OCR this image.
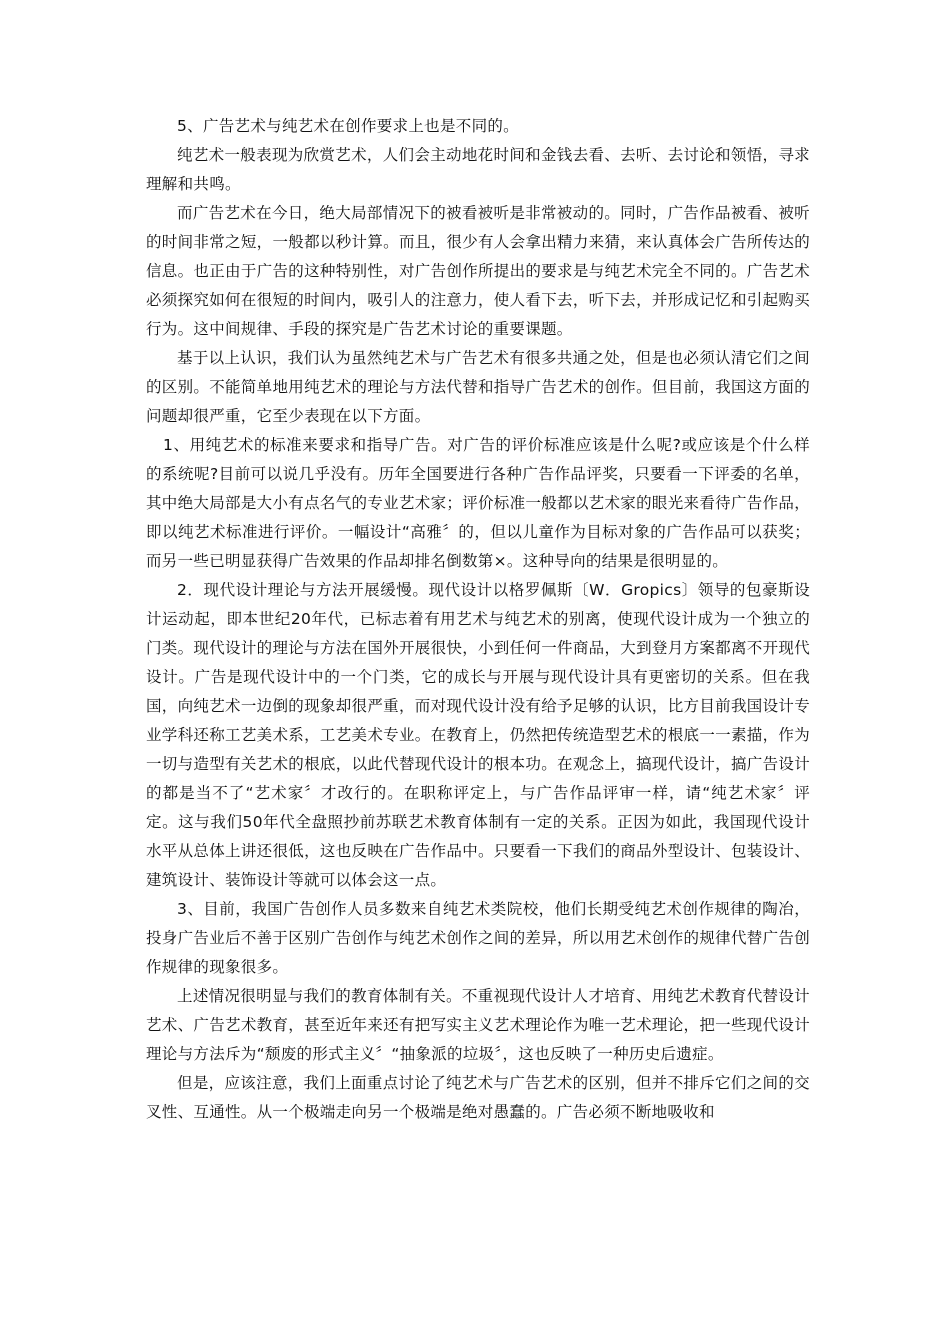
5、广告艺术与纯艺术在创作要求上也是不同的。

纯艺术一般表现为欣赏艺术，人们会主动地花时间和金钱去看、去听、去讨论和领悟，寻求理解和共鸣。

而广告艺术在今日，绝大局部情况下的被看被听是非常被动的。同时，广告作品被看、被听的时间非常之短，一般都以秒计算。而且，很少有人会拿出精力来猜，来认真体会广告所传达的信息。也正由于广告的这种特别性，对广告创作所提出的要求是与纯艺术完全不同的。广告艺术必须探究如何在很短的时间内，吸引人的注意力，使人看下去，听下去，并形成记忆和引起购买行为。这中间规律、手段的探究是广告艺术讨论的重要课题。

基于以上认识，我们认为虽然纯艺术与广告艺术有很多共通之处，但是也必须认清它们之间的区别。不能简单地用纯艺术的理论与方法代替和指导广告艺术的创作。但目前，我国这方面的问题却很严重，它至少表现在以下方面。

1、用纯艺术的标准来要求和指导广告。对广告的评价标准应该是什么呢?或应该是个什么样的系统呢?目前可以说几乎没有。历年全国要进行各种广告作品评奖，只要看一下评委的名单，其中绝大局部是大小有点名气的专业艺术家；评价标准一般都以艺术家的眼光来看待广告作品，即以纯艺术标准进行评价。一幅设计“高雅〞的，但以儿童作为目标对象的广告作品可以获奖；而另一些已明显获得广告效果的作品却排名倒数第×。这种导向的结果是很明显的。

2．现代设计理论与方法开展缓慢。现代设计以格罗佩斯〔W．Gropics〕领导的包豪斯设计运动起，即本世纪20年代，已标志着有用艺术与纯艺术的别离，使现代设计成为一个独立的门类。现代设计的理论与方法在国外开展很快，小到任何一件商品，大到登月方案都离不开现代设计。广告是现代设计中的一个门类，它的成长与开展与现代设计具有更密切的关系。但在我国，向纯艺术一边倒的现象却很严重，而对现代设计没有给予足够的认识，比方目前我国设计专业学科还称工艺美术系，工艺美术专业。在教育上，仍然把传统造型艺术的根底一一素描，作为一切与造型有关艺术的根底，以此代替现代设计的根本功。在观念上，搞现代设计，搞广告设计的都是当不了“艺术家〞才改行的。在职称评定上，与广告作品评审一样，请“纯艺术家〞评定。这与我们50年代全盘照抄前苏联艺术教育体制有一定的关系。正因为如此，我国现代设计水平从总体上讲还很低，这也反映在广告作品中。只要看一下我们的商品外型设计、包装设计、建筑设计、装饰设计等就可以体会这一点。

3、目前，我国广告创作人员多数来自纯艺术类院校，他们长期受纯艺术创作规律的陶冶，投身广告业后不善于区别广告创作与纯艺术创作之间的差异，所以用艺术创作的规律代替广告创作规律的现象很多。

上述情况很明显与我们的教育体制有关。不重视现代设计人才培育、用纯艺术教育代替设计艺术、广告艺术教育，甚至近年来还有把写实主义艺术理论作为唯一艺术理论，把一些现代设计理论与方法斥为“颓废的形式主义〞“抽象派的垃圾〞，这也反映了一种历史后遗症。

但是，应该注意，我们上面重点讨论了纯艺术与广告艺术的区别，但并不排斥它们之间的交叉性、互通性。从一个极端走向另一个极端是绝对愚蠢的。广告必须不断地吸收和
